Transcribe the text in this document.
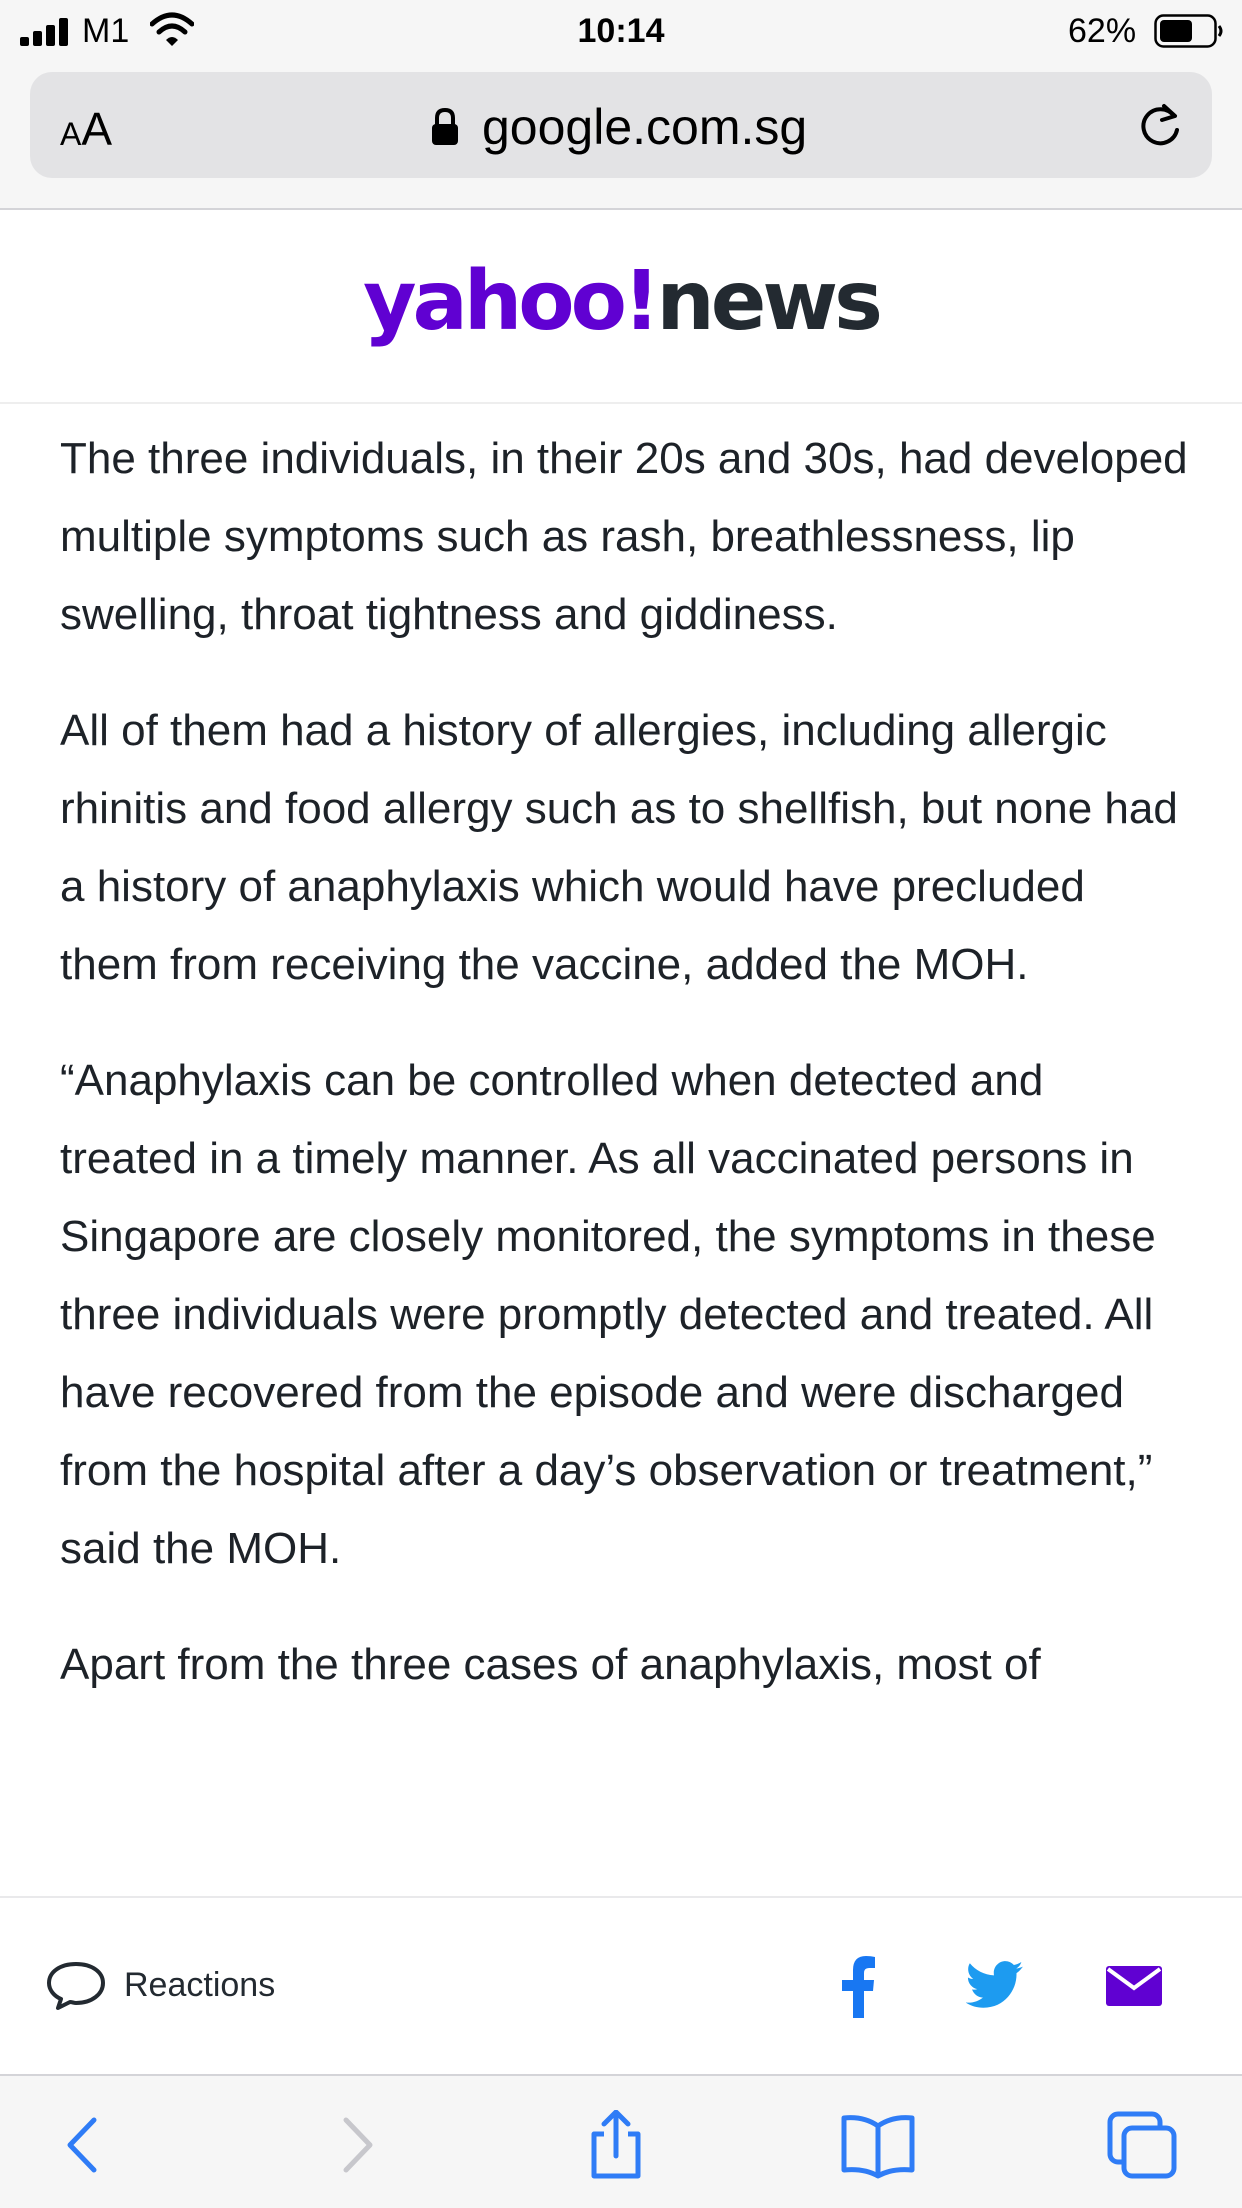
M1	10:14	62%
AA	google.com.sg
yahoo!news

The three individuals, in their 20s and 30s, had developed multiple symptoms such as rash, breathlessness, lip swelling, throat tightness and giddiness.

All of them had a history of allergies, including allergic rhinitis and food allergy such as to shellfish, but none had a history of anaphylaxis which would have precluded them from receiving the vaccine, added the MOH.

“Anaphylaxis can be controlled when detected and treated in a timely manner. As all vaccinated persons in Singapore are closely monitored, the symptoms in these three individuals were promptly detected and treated. All have recovered from the episode and were discharged from the hospital after a day’s observation or treatment,” said the MOH.

Apart from the three cases of anaphylaxis, most of

Reactions
